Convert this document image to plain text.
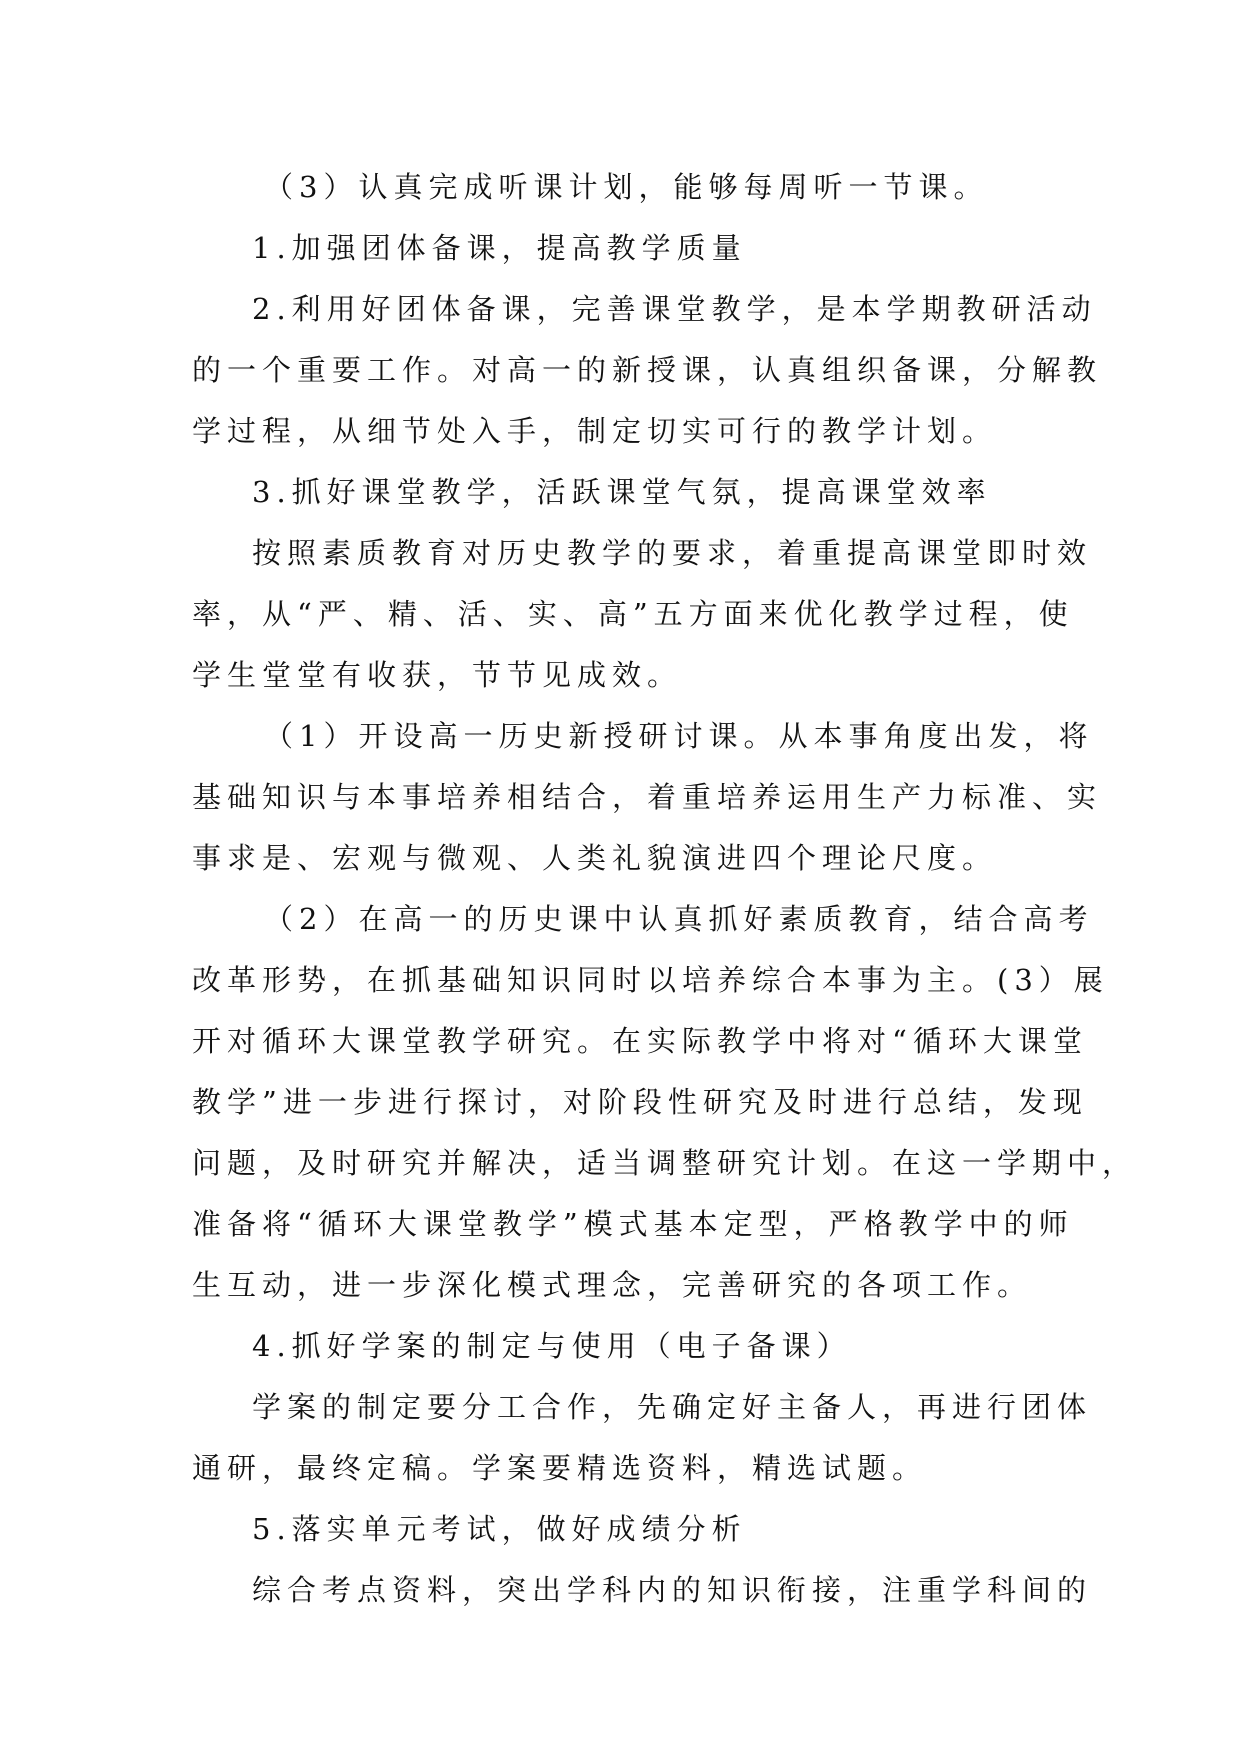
（3）认真完成听课计划，能够每周听一节课。
1.加强团体备课，提高教学质量
2.利用好团体备课，完善课堂教学，是本学期教研活动
的一个重要工作。对高一的新授课，认真组织备课，分解教
学过程，从细节处入手，制定切实可行的教学计划。
3.抓好课堂教学，活跃课堂气氛，提高课堂效率
按照素质教育对历史教学的要求，着重提高课堂即时效
率，从“严、精、活、实、高”五方面来优化教学过程，使
学生堂堂有收获，节节见成效。
（1）开设高一历史新授研讨课。从本事角度出发，将
基础知识与本事培养相结合，着重培养运用生产力标准、实
事求是、宏观与微观、人类礼貌演进四个理论尺度。
（2）在高一的历史课中认真抓好素质教育，结合高考
改革形势，在抓基础知识同时以培养综合本事为主。(3）展
开对循环大课堂教学研究。在实际教学中将对“循环大课堂
教学”进一步进行探讨，对阶段性研究及时进行总结，发现
问题，及时研究并解决，适当调整研究计划。在这一学期中，
准备将“循环大课堂教学”模式基本定型，严格教学中的师
生互动，进一步深化模式理念，完善研究的各项工作。
4.抓好学案的制定与使用（电子备课）
学案的制定要分工合作，先确定好主备人，再进行团体
通研，最终定稿。学案要精选资料，精选试题。
5.落实单元考试，做好成绩分析
综合考点资料，突出学科内的知识衔接，注重学科间的
